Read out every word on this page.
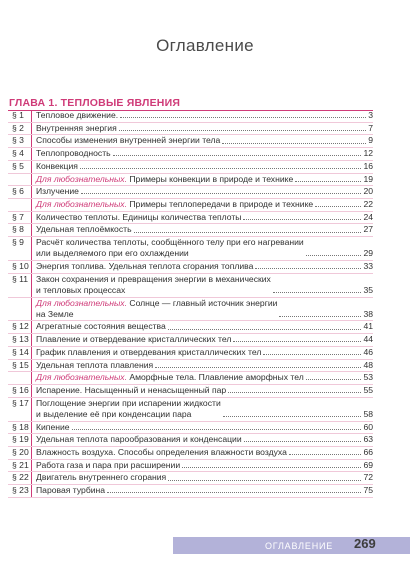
Оглавление
ГЛАВА 1. ТЕПЛОВЫЕ ЯВЛЕНИЯ
§ 1	Тепловое движение.	3
§ 2	Внутренняя энергия	7
§ 3	Способы изменения внутренней энергии тела	9
§ 4	Теплопроводность	12
§ 5	Конвекция	16
Для любознательных. Примеры конвекции в природе и технике	19
§ 6	Излучение	20
Для любознательных. Примеры теплопередачи в природе и технике	22
§ 7	Количество теплоты. Единицы количества теплоты	24
§ 8	Удельная теплоёмкость	27
§ 9	Расчёт количества теплоты, сообщённого телу при его нагревании
или выделяемого при его охлаждении	29
§ 10 Энергия топлива. Удельная теплота сгорания топлива	33
§ 11 Закон сохранения и превращения энергии в механических
и тепловых процессах	35
Для любознательных. Солнце — главный источник энергии
на Земле	38
§ 12 Агрегатные состояния вещества	41
§ 13 Плавление и отвердевание кристаллических тел	44
§ 14 График плавления и отвердевания кристаллических тел	46
§ 15 Удельная теплота плавления	48
Для любознательных. Аморфные тела. Плавление аморфных тел	53
§ 16 Испарение. Насыщенный и ненасыщенный пар	55
§ 17 Поглощение энергии при испарении жидкости
и выделение её при конденсации пара	58
§ 18 Кипение	60
§ 19 Удельная теплота парообразования и конденсации	63
§ 20 Влажность воздуха. Способы определения влажности воздуха	66
§ 21 Работа газа и пара при расширении	69
§ 22 Двигатель внутреннего сгорания	72
§ 23 Паровая турбина	75
ОГЛАВЛЕНИЕ 269
